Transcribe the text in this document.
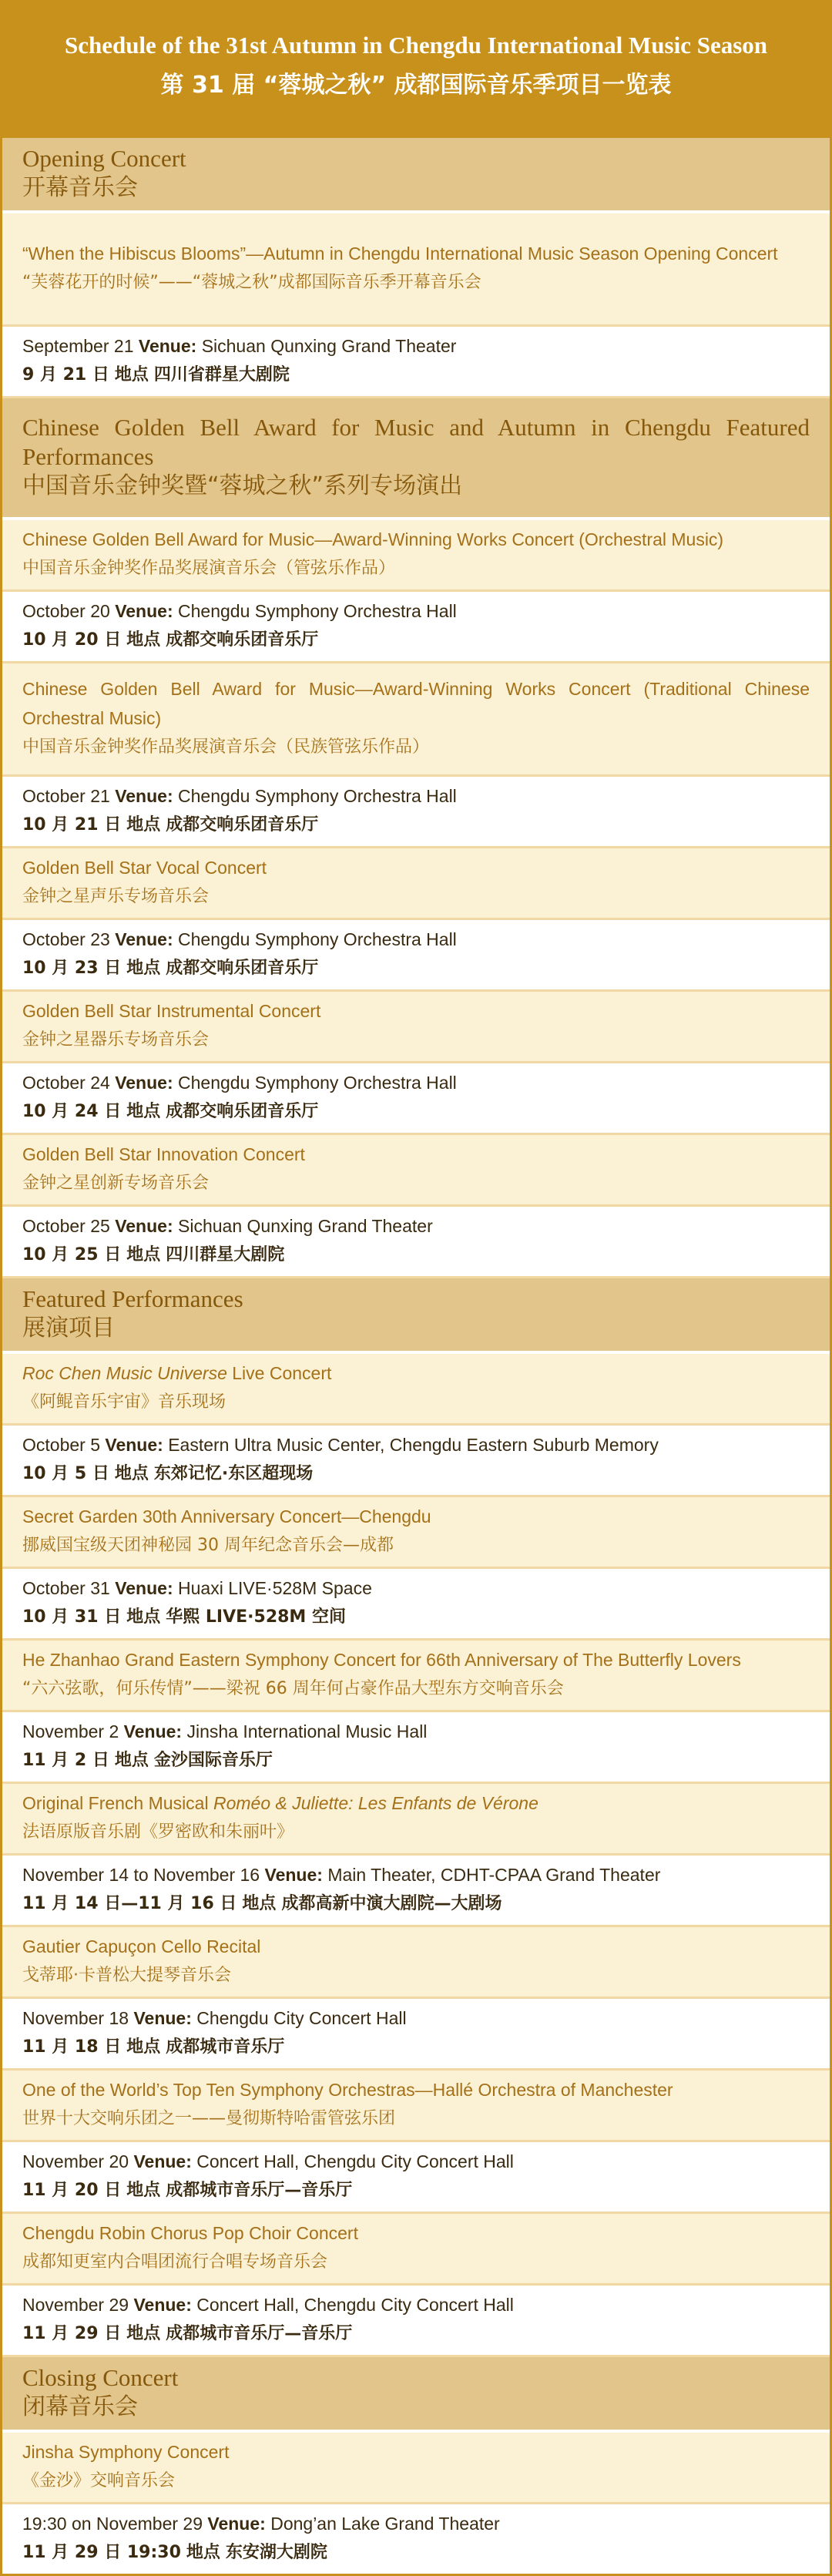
Schedule of the 31st Autumn in Chengdu International Music Season
第 31 届 “蓉城之秋” 成都国际音乐季项目一览表
Opening Concert
开幕音乐会
“When the Hibiscus Blooms”—Autumn in Chengdu International Music Season Opening Concert
“芙蓉花开的时候”——“蓉城之秋”成都国际音乐季开幕音乐会
September 21 Venue: Sichuan Qunxing Grand Theater
9 月 21 日 地点 四川省群星大剧院
Chinese Golden Bell Award for Music and Autumn in Chengdu Featured Performances
中国音乐金钟奖暨“蓉城之秋”系列专场演出
Chinese Golden Bell Award for Music—Award-Winning Works Concert (Orchestral Music)
中国音乐金钟奖作品奖展演音乐会（管弦乐作品）
October 20 Venue: Chengdu Symphony Orchestra Hall
10 月 20 日 地点 成都交响乐团音乐厅
Chinese Golden Bell Award for Music—Award-Winning Works Concert (Traditional Chinese Orchestral Music)
中国音乐金钟奖作品奖展演音乐会（民族管弦乐作品）
October 21 Venue: Chengdu Symphony Orchestra Hall
10 月 21 日 地点 成都交响乐团音乐厅
Golden Bell Star Vocal Concert
金钟之星声乐专场音乐会
October 23 Venue: Chengdu Symphony Orchestra Hall
10 月 23 日 地点 成都交响乐团音乐厅
Golden Bell Star Instrumental Concert
金钟之星器乐专场音乐会
October 24 Venue: Chengdu Symphony Orchestra Hall
10 月 24 日 地点 成都交响乐团音乐厅
Golden Bell Star Innovation Concert
金钟之星创新专场音乐会
October 25 Venue: Sichuan Qunxing Grand Theater
10 月 25 日 地点 四川群星大剧院
Featured Performances
展演项目
Roc Chen Music Universe Live Concert
《阿鲲音乐宇宙》音乐现场
October 5 Venue: Eastern Ultra Music Center, Chengdu Eastern Suburb Memory
10 月 5 日 地点 东郊记忆·东区超现场
Secret Garden 30th Anniversary Concert—Chengdu
挪威国宝级天团神秘园 30 周年纪念音乐会—成都
October 31 Venue: Huaxi LIVE·528M Space
10 月 31 日 地点 华熙 LIVE·528M 空间
He Zhanhao Grand Eastern Symphony Concert for 66th Anniversary of The Butterfly Lovers
“六六弦歌，何乐传情”——梁祝 66 周年何占豪作品大型东方交响音乐会
November 2 Venue: Jinsha International Music Hall
11 月 2 日 地点 金沙国际音乐厅
Original French Musical Roméo & Juliette: Les Enfants de Vérone
法语原版音乐剧《罗密欧和朱丽叶》
November 14 to November 16 Venue: Main Theater, CDHT-CPAA Grand Theater
11 月 14 日—11 月 16 日 地点 成都高新中演大剧院—大剧场
Gautier Capuçon Cello Recital
戈蒂耶·卡普松大提琴音乐会
November 18 Venue: Chengdu City Concert Hall
11 月 18 日 地点 成都城市音乐厅
One of the World’s Top Ten Symphony Orchestras—Hallé Orchestra of Manchester
世界十大交响乐团之一——曼彻斯特哈雷管弦乐团
November 20 Venue: Concert Hall, Chengdu City Concert Hall
11 月 20 日 地点 成都城市音乐厅—音乐厅
Chengdu Robin Chorus Pop Choir Concert
成都知更室内合唱团流行合唱专场音乐会
November 29 Venue: Concert Hall, Chengdu City Concert Hall
11 月 29 日 地点 成都城市音乐厅—音乐厅
Closing Concert
闭幕音乐会
Jinsha Symphony Concert
《金沙》交响音乐会
19:30 on November 29 Venue: Dong’an Lake Grand Theater
11 月 29 日 19:30 地点 东安湖大剧院
